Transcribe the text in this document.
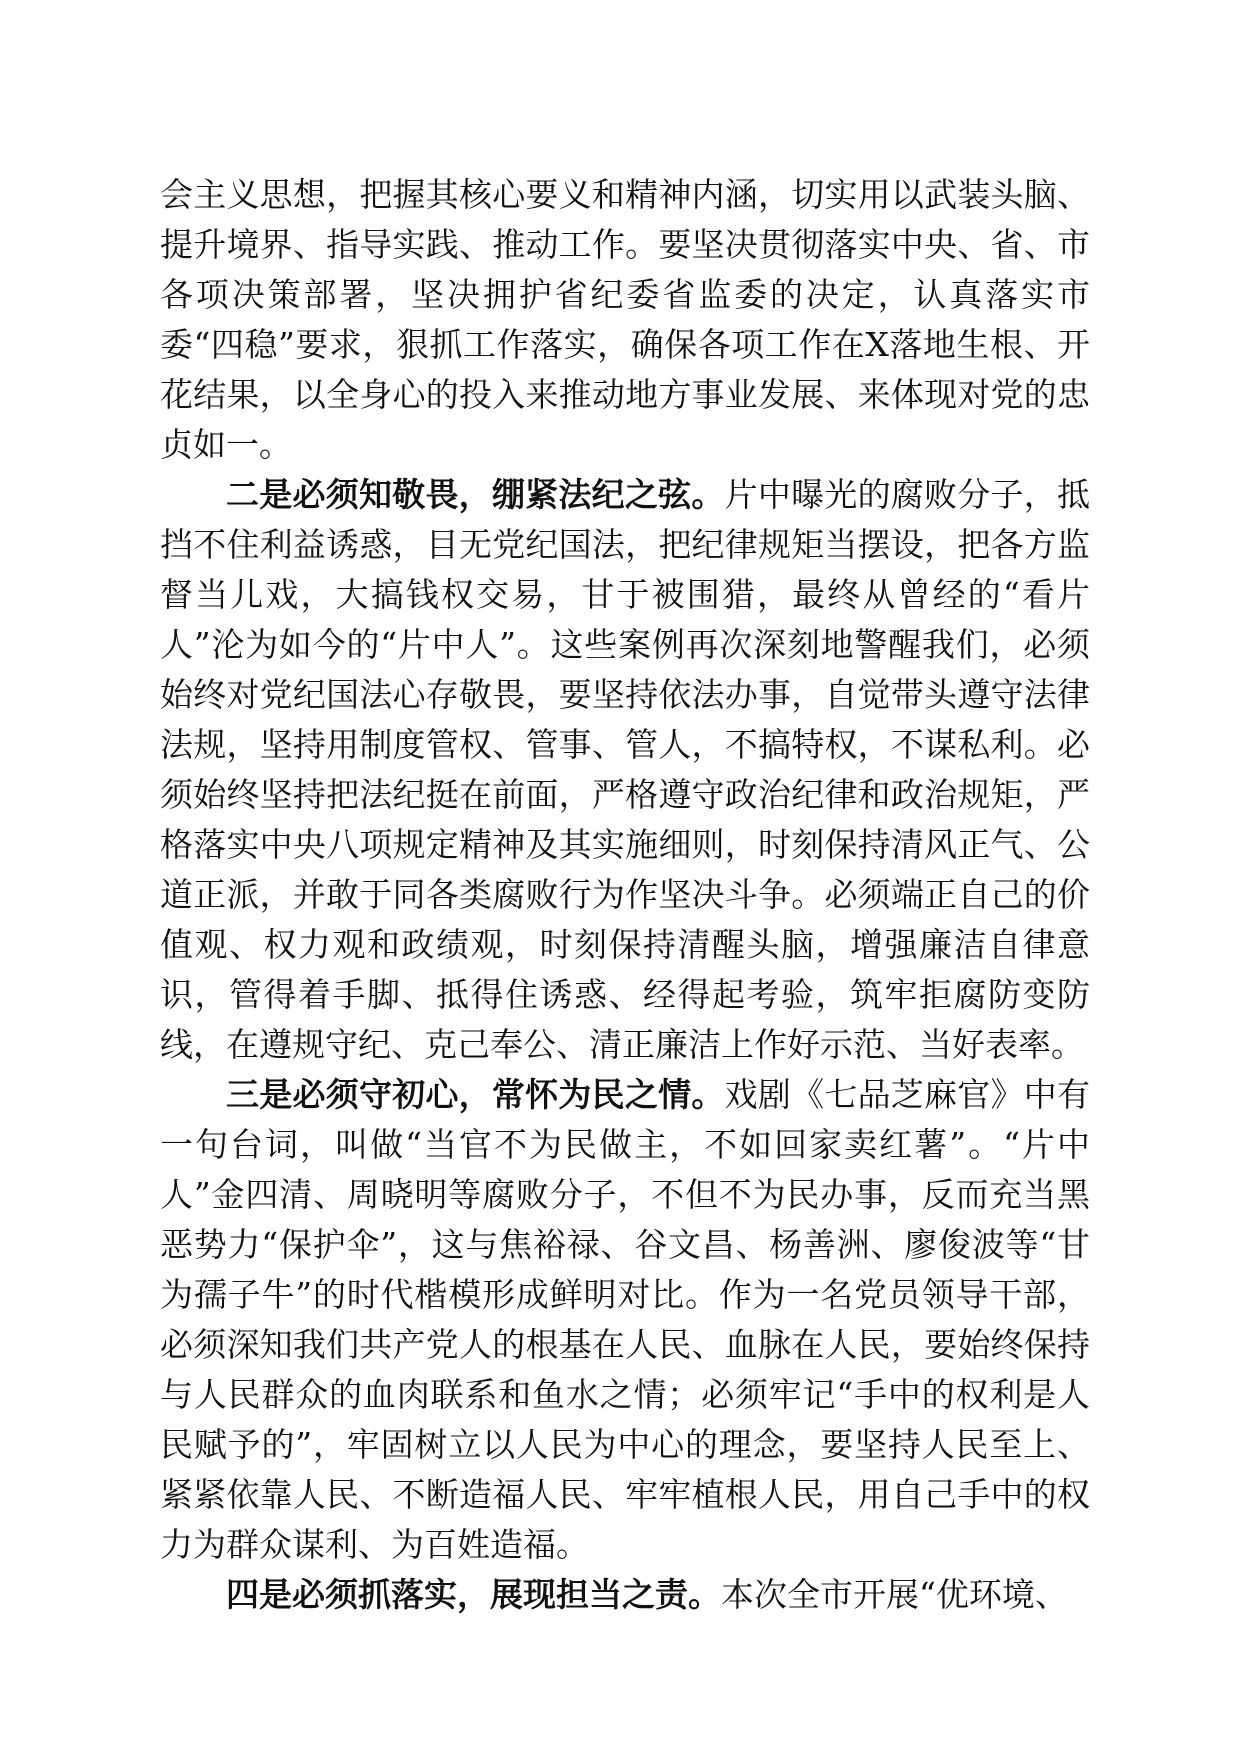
会主义思想，把握其核心要义和精神内涵，切实用以武装头脑、提升境界、指导实践、推动工作。要坚决贯彻落实中央、省、市各项决策部署，坚决拥护省纪委省监委的决定，认真落实市委“四稳”要求，狠抓工作落实，确保各项工作在X落地生根、开花结果，以全身心的投入来推动地方事业发展、来体现对党的忠贞如一。

二是必须知敬畏，绷紧法纪之弦。片中曝光的腐败分子，抵挡不住利益诱惑，目无党纪国法，把纪律规矩当摆设，把各方监督当儿戏，大搞钱权交易，甘于被围猎，最终从曾经的“看片人”沦为如今的“片中人”。这些案例再次深刻地警醒我们，必须始终对党纪国法心存敬畏，要坚持依法办事，自觉带头遵守法律法规，坚持用制度管权、管事、管人，不搞特权，不谋私利。必须始终坚持把法纪挺在前面，严格遵守政治纪律和政治规矩，严格落实中央八项规定精神及其实施细则，时刻保持清风正气、公道正派，并敢于同各类腐败行为作坚决斗争。必须端正自己的价值观、权力观和政绩观，时刻保持清醒头脑，增强廉洁自律意识，管得着手脚、抵得住诱惑、经得起考验，筑牢拒腐防变防线，在遵规守纪、克己奉公、清正廉洁上作好示范、当好表率。

三是必须守初心，常怀为民之情。戏剧《七品芝麻官》中有一句台词，叫做“当官不为民做主，不如回家卖红薯”。“片中人”金四清、周晓明等腐败分子，不但不为民办事，反而充当黑恶势力“保护伞”，这与焦裕禄、谷文昌、杨善洲、廖俊波等“甘为孺子牛”的时代楷模形成鲜明对比。作为一名党员领导干部，必须深知我们共产党人的根基在人民、血脉在人民，要始终保持与人民群众的血肉联系和鱼水之情；必须牢记“手中的权利是人民赋予的”，牢固树立以人民为中心的理念，要坚持人民至上、紧紧依靠人民、不断造福人民、牢牢植根人民，用自己手中的权力为群众谋利、为百姓造福。

四是必须抓落实，展现担当之责。本次全市开展“优环境、
